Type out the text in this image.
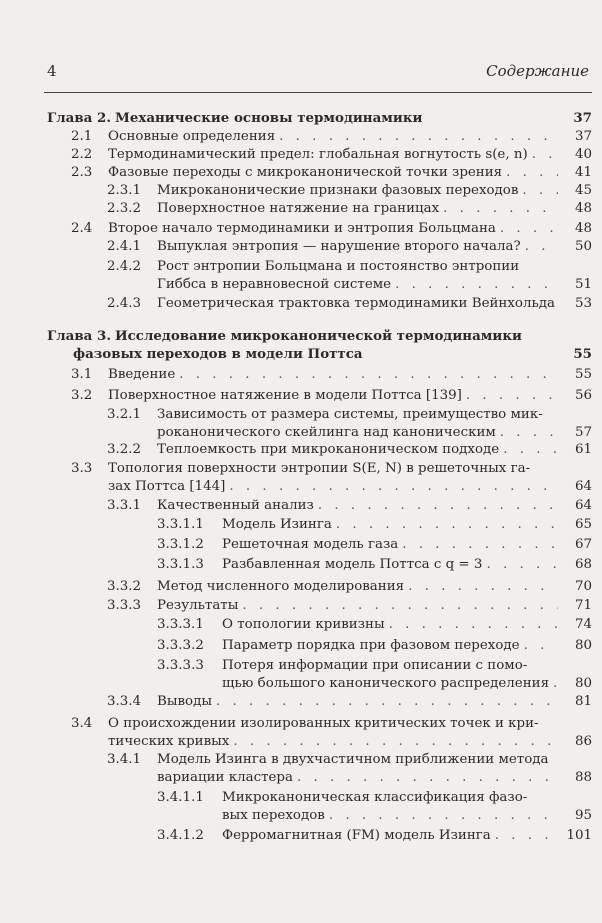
4	Содержание
Глава 2. Механические основы термодинамики	37
2.1 Основные определения . . .	37
2.2 Термодинамический предел: глобальная вогнутость s(e, n) . . .	40
2.3 Фазовые переходы с микроканонической точки зрения . . .	41
2.3.1 Микроканонические признаки фазовых переходов . . .	45
2.3.2 Поверхностное натяжение на границах . . .	48
2.4 Второе начало термодинамики и энтропия Больцмана . . .	48
2.4.1 Выпуклая энтропия — нарушение второго начала? . . .	50
2.4.2 Рост энтропии Больцмана и постоянство энтропии
Гиббса в неравновесной системе . . .	51
2.4.3 Геометрическая трактовка термодинамики Вейнхольда 53
Глава 3. Исследование микроканонической термодинамики
фазовых переходов в модели Поттса	55
3.1 Введение . . .	55
3.2 Поверхностное натяжение в модели Поттса [139] . . .	56
3.2.1 Зависимость от размера системы, преимущество мик-
роканонического скейлинга над каноническим . . .	57
3.2.2 Теплоемкость при микроканоническом подходе . . .	61
3.3 Топология поверхности энтропии S(E, N) в решеточных га-
зах Поттса [144] . . .	64
3.3.1 Качественный анализ . . .	64
3.3.1.1 Модель Изинга . . .	65
3.3.1.2 Решеточная модель газа . . .	67
3.3.1.3 Разбавленная модель Поттса с q = 3 . . .	68
3.3.2 Метод численного моделирования . . .	70
3.3.3 Результаты . . .	71
3.3.3.1 О топологии кривизны . . .	74
3.3.3.2 Параметр порядка при фазовом переходе . . .	80
3.3.3.3 Потеря информации при описании с помо-
щью большого канонического распределения . . . 80
3.3.4 Выводы . . .	81
3.4 О происхождении изолированных критических точек и кри-
тических кривых . . .	86
3.4.1 Модель Изинга в двухчастичном приближении метода
вариации кластера . . .	88
3.4.1.1 Микроканоническая классификация фазо-
вых переходов . . .	95
3.4.1.2 Ферромагнитная (FM) модель Изинга . . .	101
